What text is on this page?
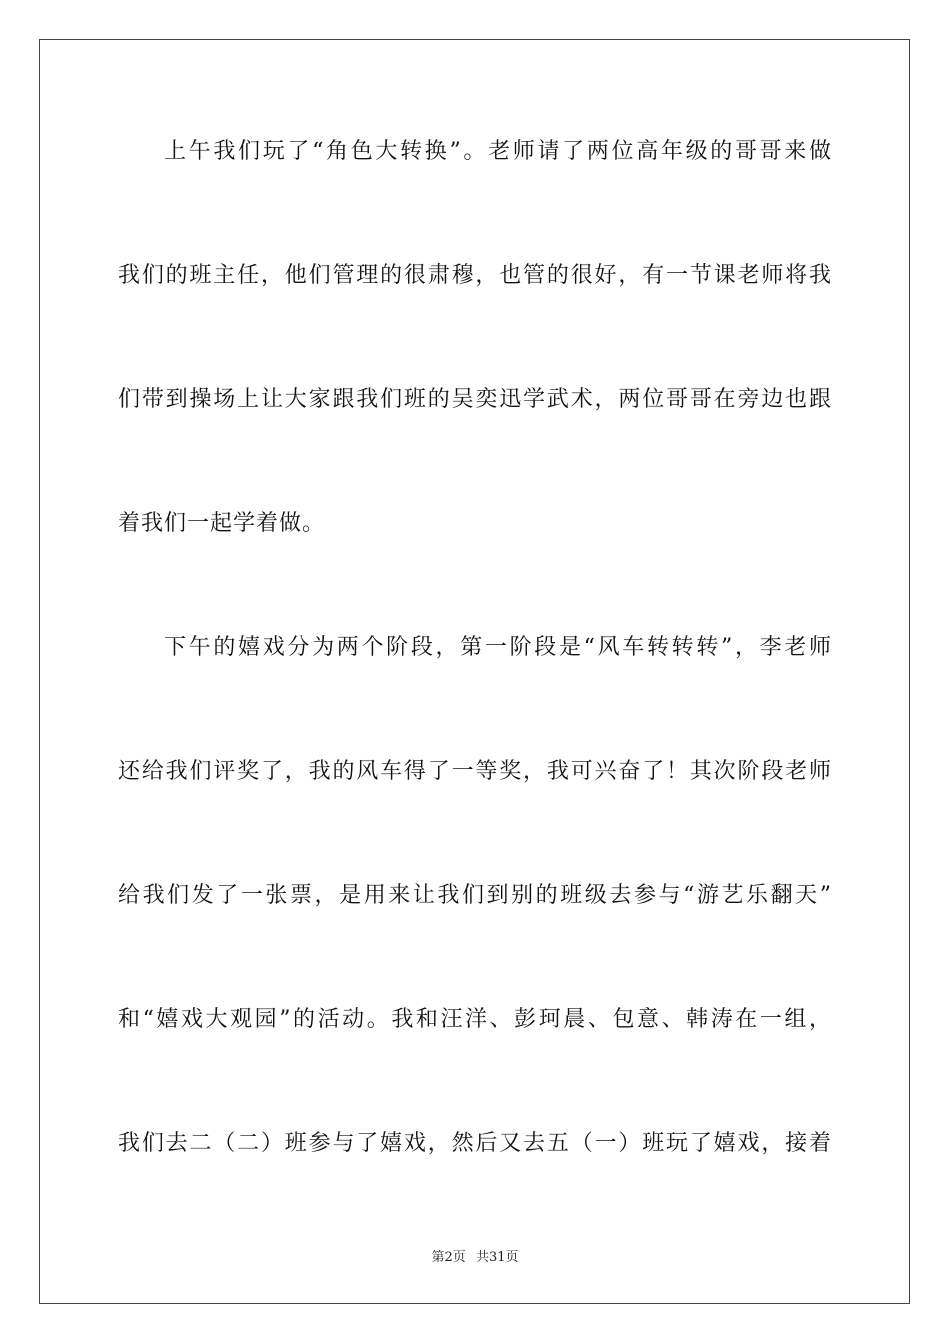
上午我们玩了“角色大转换”。老师请了两位高年级的哥哥来做
我们的班主任，他们管理的很肃穆，也管的很好，有一节课老师将我
们带到操场上让大家跟我们班的吴奕迅学武术，两位哥哥在旁边也跟
着我们一起学着做。
下午的嬉戏分为两个阶段，第一阶段是“风车转转转”，李老师
还给我们评奖了，我的风车得了一等奖，我可兴奋了！其次阶段老师
给我们发了一张票，是用来让我们到别的班级去参与“游艺乐翻天”
和“嬉戏大观园”的活动。我和汪洋、彭珂晨、包意、韩涛在一组，
我们去二（二）班参与了嬉戏，然后又去五（一）班玩了嬉戏，接着
第2页 共31页
